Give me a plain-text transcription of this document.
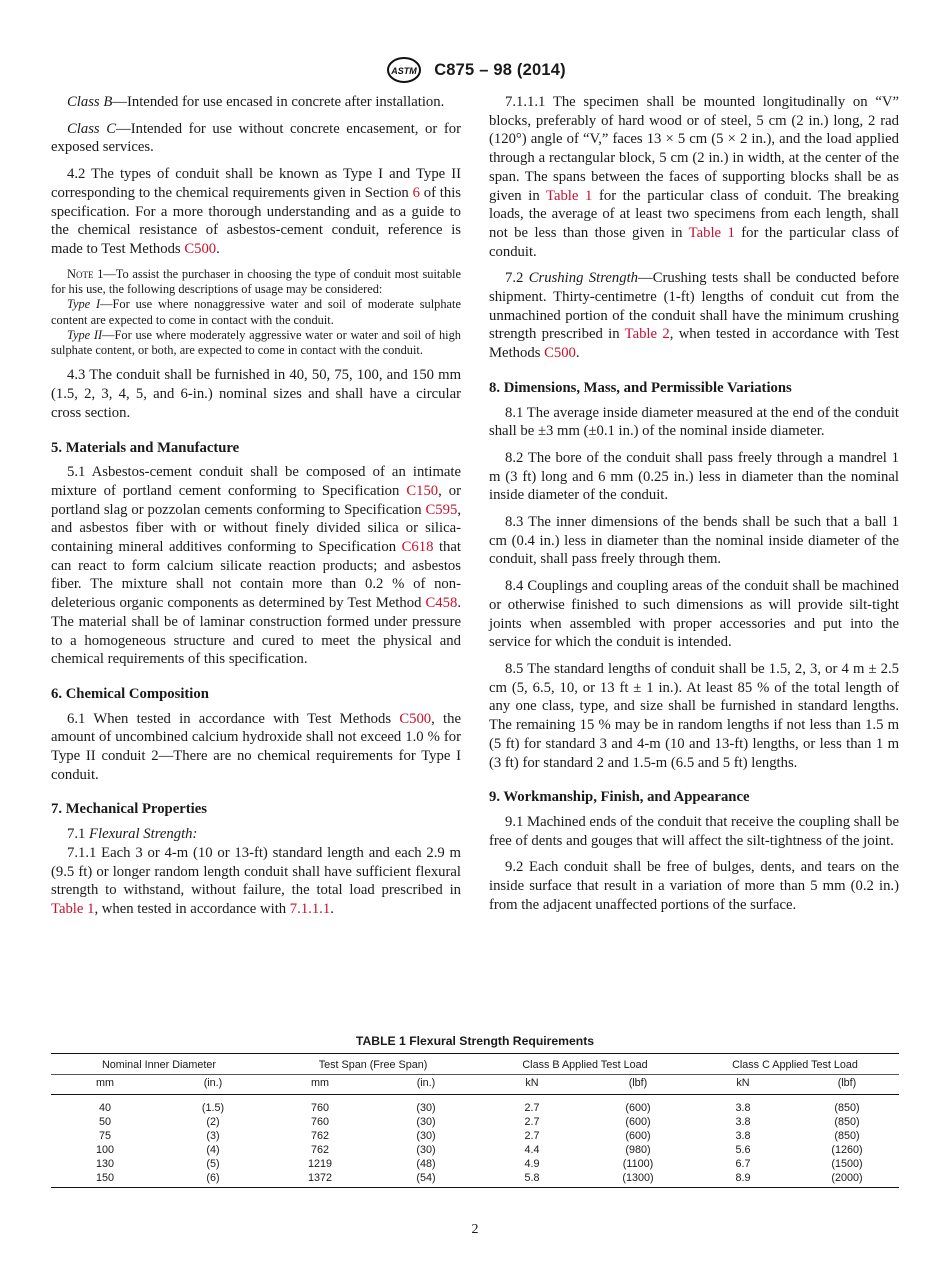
ASTM C875 – 98 (2014)

Class B—Intended for use encased in concrete after installation.

Class C—Intended for use without concrete encasement, or for exposed services.

4.2 The types of conduit shall be known as Type I and Type II corresponding to the chemical requirements given in Section 6 of this specification. For a more thorough understanding and as a guide to the chemical resistance of asbestos-cement conduit, reference is made to Test Methods C500.

Note 1—To assist the purchaser in choosing the type of conduit most suitable for his use, the following descriptions of usage may be considered:
Type I—For use where nonaggressive water and soil of moderate sulphate content are expected to come in contact with the conduit.
Type II—For use where moderately aggressive water or water and soil of high sulphate content, or both, are expected to come in contact with the conduit.

4.3 The conduit shall be furnished in 40, 50, 75, 100, and 150 mm (1.5, 2, 3, 4, 5, and 6-in.) nominal sizes and shall have a circular cross section.

5. Materials and Manufacture

5.1 Asbestos-cement conduit shall be composed of an intimate mixture of portland cement conforming to Specification C150, or portland slag or pozzolan cements conforming to Specification C595, and asbestos fiber with or without finely divided silica or silica-containing mineral additives conforming to Specification C618 that can react to form calcium silicate reaction products; and asbestos fiber. The mixture shall not contain more than 0.2 % of non-deleterious organic components as determined by Test Method C458. The material shall be of laminar construction formed under pressure to a homogeneous structure and cured to meet the physical and chemical requirements of this specification.

6. Chemical Composition

6.1 When tested in accordance with Test Methods C500, the amount of uncombined calcium hydroxide shall not exceed 1.0 % for Type II conduit 2—There are no chemical requirements for Type I conduit.

7. Mechanical Properties

7.1 Flexural Strength:

7.1.1 Each 3 or 4-m (10 or 13-ft) standard length and each 2.9 m (9.5 ft) or longer random length conduit shall have sufficient flexural strength to withstand, without failure, the total load prescribed in Table 1, when tested in accordance with 7.1.1.1.

7.1.1.1 The specimen shall be mounted longitudinally on “V” blocks, preferably of hard wood or of steel, 5 cm (2 in.) long, 2 rad (120°) angle of “V,” faces 13 × 5 cm (5 × 2 in.), and the load applied through a rectangular block, 5 cm (2 in.) in width, at the center of the span. The spans between the faces of supporting blocks shall be as given in Table 1 for the particular class of conduit. The breaking loads, the average of at least two specimens from each length, shall not be less than those given in Table 1 for the particular class of conduit.

7.2 Crushing Strength—Crushing tests shall be conducted before shipment. Thirty-centimetre (1-ft) lengths of conduit cut from the unmachined portion of the conduit shall have the minimum crushing strength prescribed in Table 2, when tested in accordance with Test Methods C500.

8. Dimensions, Mass, and Permissible Variations

8.1 The average inside diameter measured at the end of the conduit shall be ±3 mm (±0.1 in.) of the nominal inside diameter.

8.2 The bore of the conduit shall pass freely through a mandrel 1 m (3 ft) long and 6 mm (0.25 in.) less in diameter than the nominal inside diameter of the conduit.

8.3 The inner dimensions of the bends shall be such that a ball 1 cm (0.4 in.) less in diameter than the nominal inside diameter of the conduit, shall pass freely through them.

8.4 Couplings and coupling areas of the conduit shall be machined or otherwise finished to such dimensions as will provide silt-tight joints when assembled with proper accessories and put into the service for which the conduit is intended.

8.5 The standard lengths of conduit shall be 1.5, 2, 3, or 4 m ± 2.5 cm (5, 6.5, 10, or 13 ft ± 1 in.). At least 85 % of the total length of any one class, type, and size shall be furnished in standard lengths. The remaining 15 % may be in random lengths if not less than 1.5 m (5 ft) for standard 3 and 4-m (10 and 13-ft) lengths, or less than 1 m (3 ft) for standard 2 and 1.5-m (6.5 and 5 ft) lengths.

9. Workmanship, Finish, and Appearance

9.1 Machined ends of the conduit that receive the coupling shall be free of dents and gouges that will affect the silt-tightness of the joint.

9.2 Each conduit shall be free of bulges, dents, and tears on the inside surface that result in a variation of more than 5 mm (0.2 in.) from the adjacent unaffected portions of the surface.

TABLE 1 Flexural Strength Requirements
Nominal Inner Diameter		Test Span (Free Span)		Class B Applied Test Load		Class C Applied Test Load	
mm	(in.)	mm	(in.)	kN	(lbf)	kN	(lbf)
40	(1.5)	760	(30)	2.7	(600)	3.8	(850)
50	(2)	760	(30)	2.7	(600)	3.8	(850)
75	(3)	762	(30)	2.7	(600)	3.8	(850)
100	(4)	762	(30)	4.4	(980)	5.6	(1260)
130	(5)	1219	(48)	4.9	(1100)	6.7	(1500)
150	(6)	1372	(54)	5.8	(1300)	8.9	(2000)
2
